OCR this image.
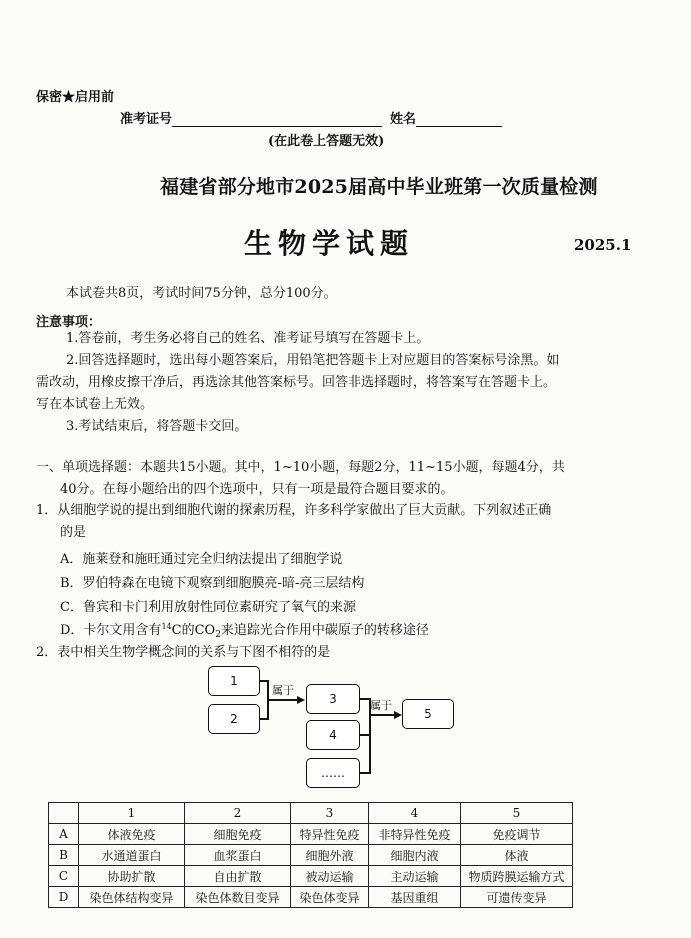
保密★启用前
准考证号	姓名
(在此卷上答题无效)
福建省部分地市2025届高中毕业班第一次质量检测
生物学试题	2025.1
本试卷共8页，考试时间75分钟，总分100分。
注意事项：
1.答卷前，考生务必将自己的姓名、准考证号填写在答题卡上。
2.回答选择题时，选出每小题答案后，用铅笔把答题卡上对应题目的答案标号涂黑。如
需改动，用橡皮擦干净后，再选涂其他答案标号。回答非选择题时，将答案写在答题卡上。
写在本试卷上无效。
3.考试结束后，将答题卡交回。
一、单项选择题：本题共15小题。其中，1~10小题，每题2分，11~15小题，每题4分，共
40分。在每小题给出的四个选项中，只有一项是最符合题目要求的。
1．从细胞学说的提出到细胞代谢的探索历程，许多科学家做出了巨大贡献。下列叙述正确
的是
A．施莱登和施旺通过完全归纳法提出了细胞学说
B．罗伯特森在电镜下观察到细胞膜亮-暗-亮三层结构
C．鲁宾和卡门利用放射性同位素研究了氧气的来源
D．卡尔文用含有$^{14}$C的$CO_2$来追踪光合作用中碳原子的转移途径
2．表中相关生物学概念间的关系与下图不相符的是
1
2
属于
3
4
……
属于
5
	1	2	3	4	5
A	体液免疫	细胞免疫	特异性免疫	非特异性免疫	免疫调节
B	水通道蛋白	血浆蛋白	细胞外液	细胞内液	体液
C	协助扩散	自由扩散	被动运输	主动运输	物质跨膜运输方式
D	染色体结构变异	染色体数目变异	染色体变异	基因重组	可遗传变异
